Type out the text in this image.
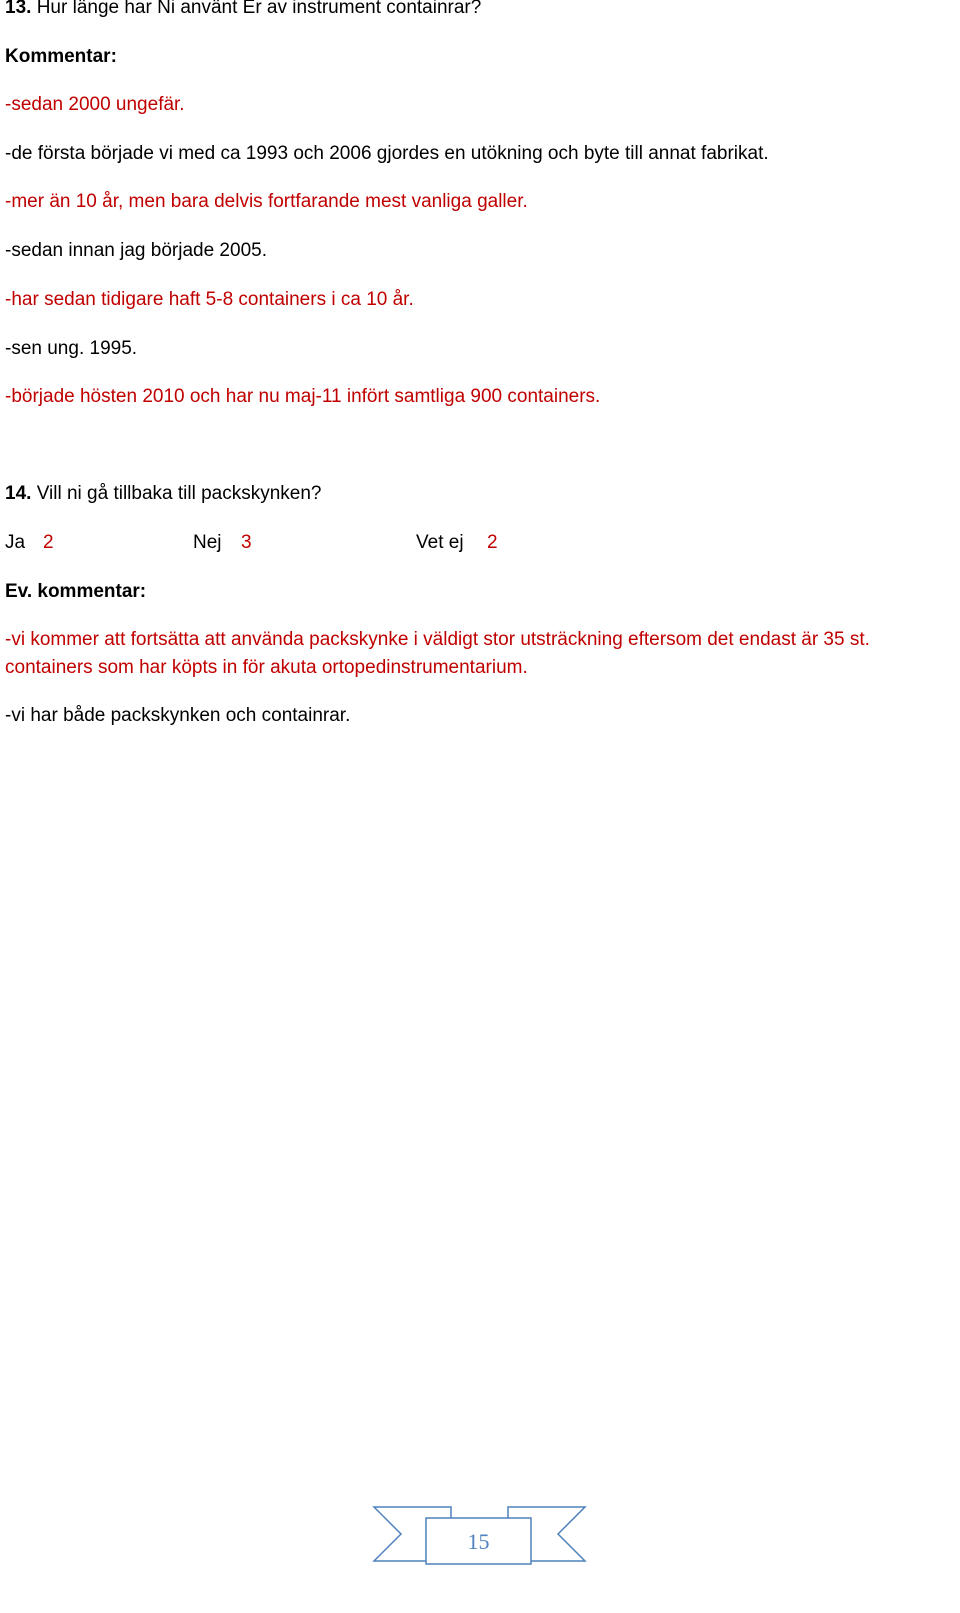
13. Hur länge har Ni använt Er av instrument containrar?
Kommentar:
-sedan 2000 ungefär.
-de första började vi med ca 1993 och 2006 gjordes en utökning och byte till annat fabrikat.
-mer än 10 år, men bara delvis fortfarande mest vanliga galler.
-sedan innan jag började 2005.
-har sedan tidigare haft 5-8 containers i ca 10 år.
-sen ung. 1995.
-började hösten 2010 och har nu maj-11 infört samtliga 900 containers.
14. Vill ni gå tillbaka till packskynken?
Ja 2	Nej 3	Vet ej 2
Ev. kommentar:
-vi kommer att fortsätta att använda packskynke i väldigt stor utsträckning eftersom det endast är 35 st. containers som har köpts in för akuta ortopedinstrumentarium.
-vi har både packskynken och containrar.
15
